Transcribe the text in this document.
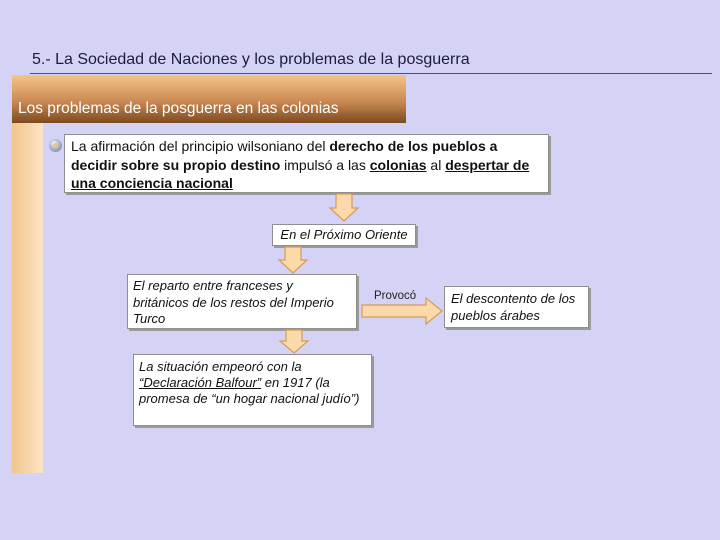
5.- La Sociedad de Naciones y los problemas de la posguerra
Los problemas de la posguerra en las colonias
La afirmación del principio wilsoniano del derecho de los pueblos a decidir sobre su propio destino impulsó a las colonias al despertar de una conciencia nacional
En el Próximo Oriente
El reparto entre franceses y británicos de los restos del Imperio Turco
La situación empeoró con la “Declaración Balfour” en 1917 (la promesa de “un hogar nacional judío”)
Provocó	El descontento de los pueblos árabes
